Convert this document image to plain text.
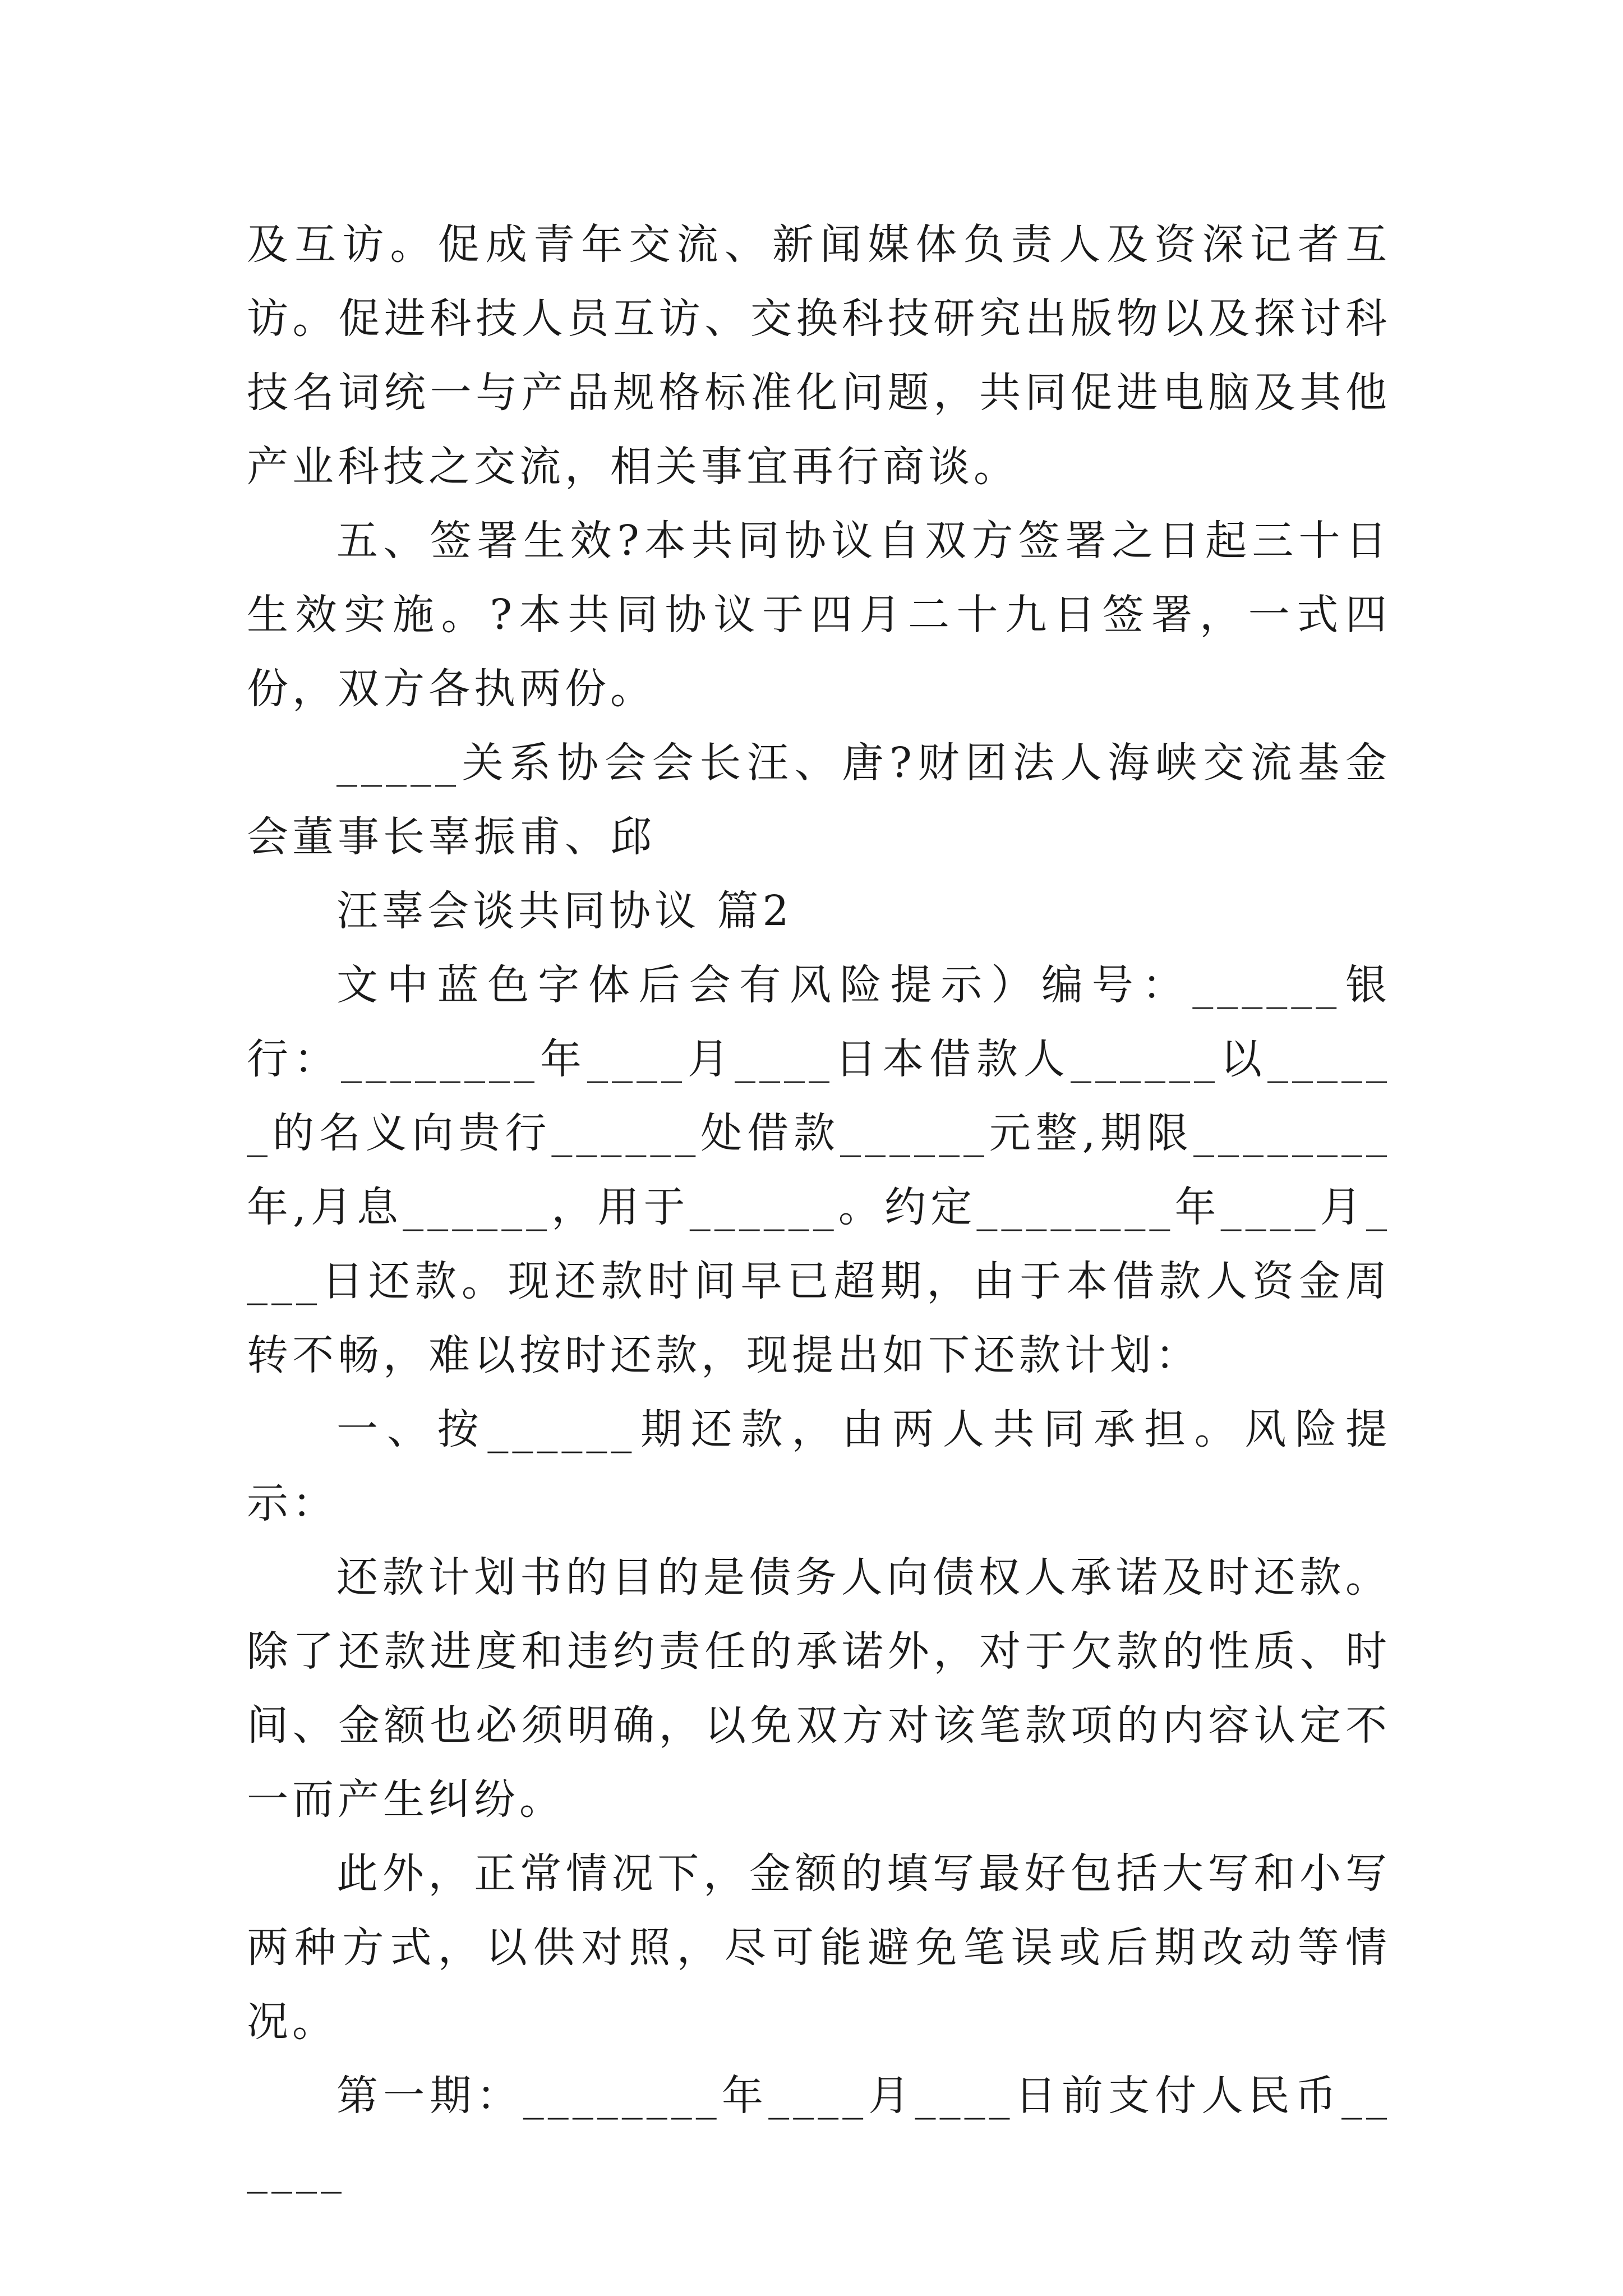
及互访。促成青年交流、新闻媒体负责人及资深记者互访。促进科技人员互访、交换科技研究出版物以及探讨科技名词统一与产品规格标准化问题，共同促进电脑及其他产业科技之交流，相关事宜再行商谈。

五、签署生效?本共同协议自双方签署之日起三十日生效实施。?本共同协议于四月二十九日签署，一式四份，双方各执两份。

_____关系协会会长汪、唐?财团法人海峡交流基金会董事长辜振甫、邱

汪辜会谈共同协议 篇2

文中蓝色字体后会有风险提示）编号：______银行：________年____月____日本借款人______以______的名义向贵行______处借款______元整,期限________年,月息______，用于______。约定________年____月____日还款。现还款时间早已超期，由于本借款人资金周转不畅，难以按时还款，现提出如下还款计划：

一、按______期还款，由两人共同承担。风险提示：

还款计划书的目的是债务人向债权人承诺及时还款。除了还款进度和违约责任的承诺外，对于欠款的性质、时间、金额也必须明确，以免双方对该笔款项的内容认定不一而产生纠纷。

此外，正常情况下，金额的填写最好包括大写和小写两种方式，以供对照，尽可能避免笔误或后期改动等情况。

第一期：________年____月____日前支付人民币______
